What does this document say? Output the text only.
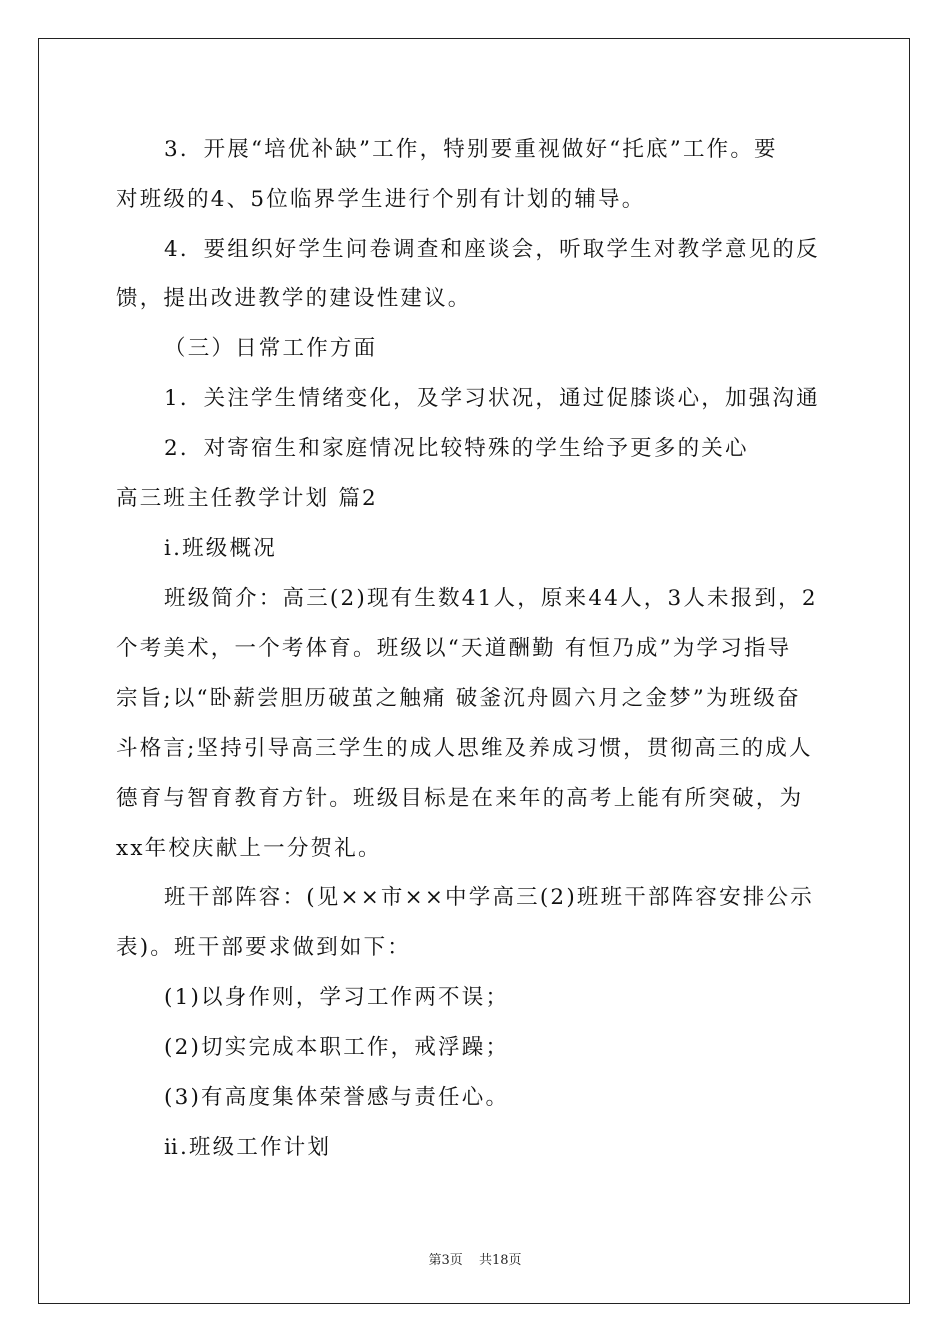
3．开展“培优补缺”工作，特别要重视做好“托底”工作。要
对班级的4、5位临界学生进行个别有计划的辅导。
4．要组织好学生问卷调查和座谈会，听取学生对教学意见的反
馈，提出改进教学的建设性建议。
（三）日常工作方面
1．关注学生情绪变化，及学习状况，通过促膝谈心，加强沟通
2．对寄宿生和家庭情况比较特殊的学生给予更多的关心
高三班主任教学计划 篇2
ⅰ.班级概况
班级简介：高三(2)现有生数41人，原来44人，3人未报到，2
个考美术，一个考体育。班级以“天道酬勤 有恒乃成”为学习指导
宗旨;以“卧薪尝胆历破茧之触痛 破釜沉舟圆六月之金梦”为班级奋
斗格言;坚持引导高三学生的成人思维及养成习惯，贯彻高三的成人
德育与智育教育方针。班级目标是在来年的高考上能有所突破，为
xx年校庆献上一分贺礼。
班干部阵容：(见××市××中学高三(2)班班干部阵容安排公示
表)。班干部要求做到如下：
(1)以身作则，学习工作两不误；
(2)切实完成本职工作，戒浮躁；
(3)有高度集体荣誉感与责任心。
ⅱ.班级工作计划
第3页 共18页
